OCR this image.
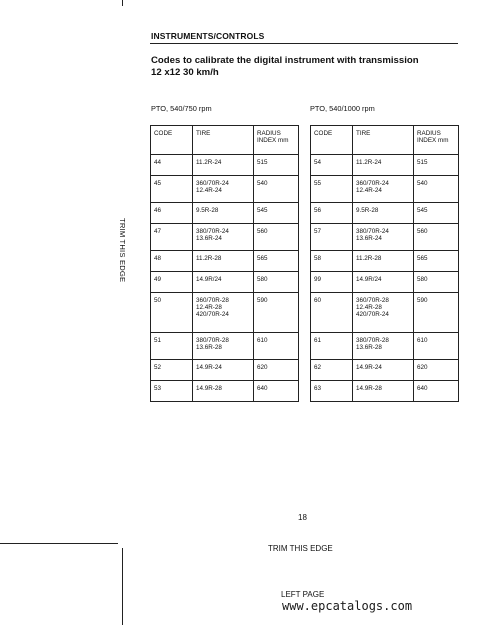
INSTRUMENTS/CONTROLS
Codes to calibrate the digital instrument with transmission
12 x12 30 km/h
PTO, 540/750 rpm	PTO, 540/1000 rpm
CODE	TIRE	RADIUS
INDEX mm

44	11.2R-24	515
45	360/70R-24
12.4R-24	540
46	9.5R-28	545
47	380/70R-24
13.6R-24	560
48	11.2R-28	565
49	14.9R/24	580
50	360/70R-28
12.4R-28
420/70R-24	590
51	380/70R-28
13.6R-28	610
52	14.9R-24	620
53	14.9R-28	640
CODE	TIRE	RADIUS
INDEX mm

54	11.2R-24	515
55	360/70R-24
12.4R-24	540
56	9.5R-28	545
57	380/70R-24
13.6R-24	560
58	11.2R-28	565
99	14.9R/24	580
60	360/70R-28
12.4R-28
420/70R-24	590
61	380/70R-28
13.6R-28	610
62	14.9R-24	620
63	14.9R-28	640
TRIM THIS EDGE
18
TRIM THIS EDGE
LEFT PAGE
www.epcatalogs.com
